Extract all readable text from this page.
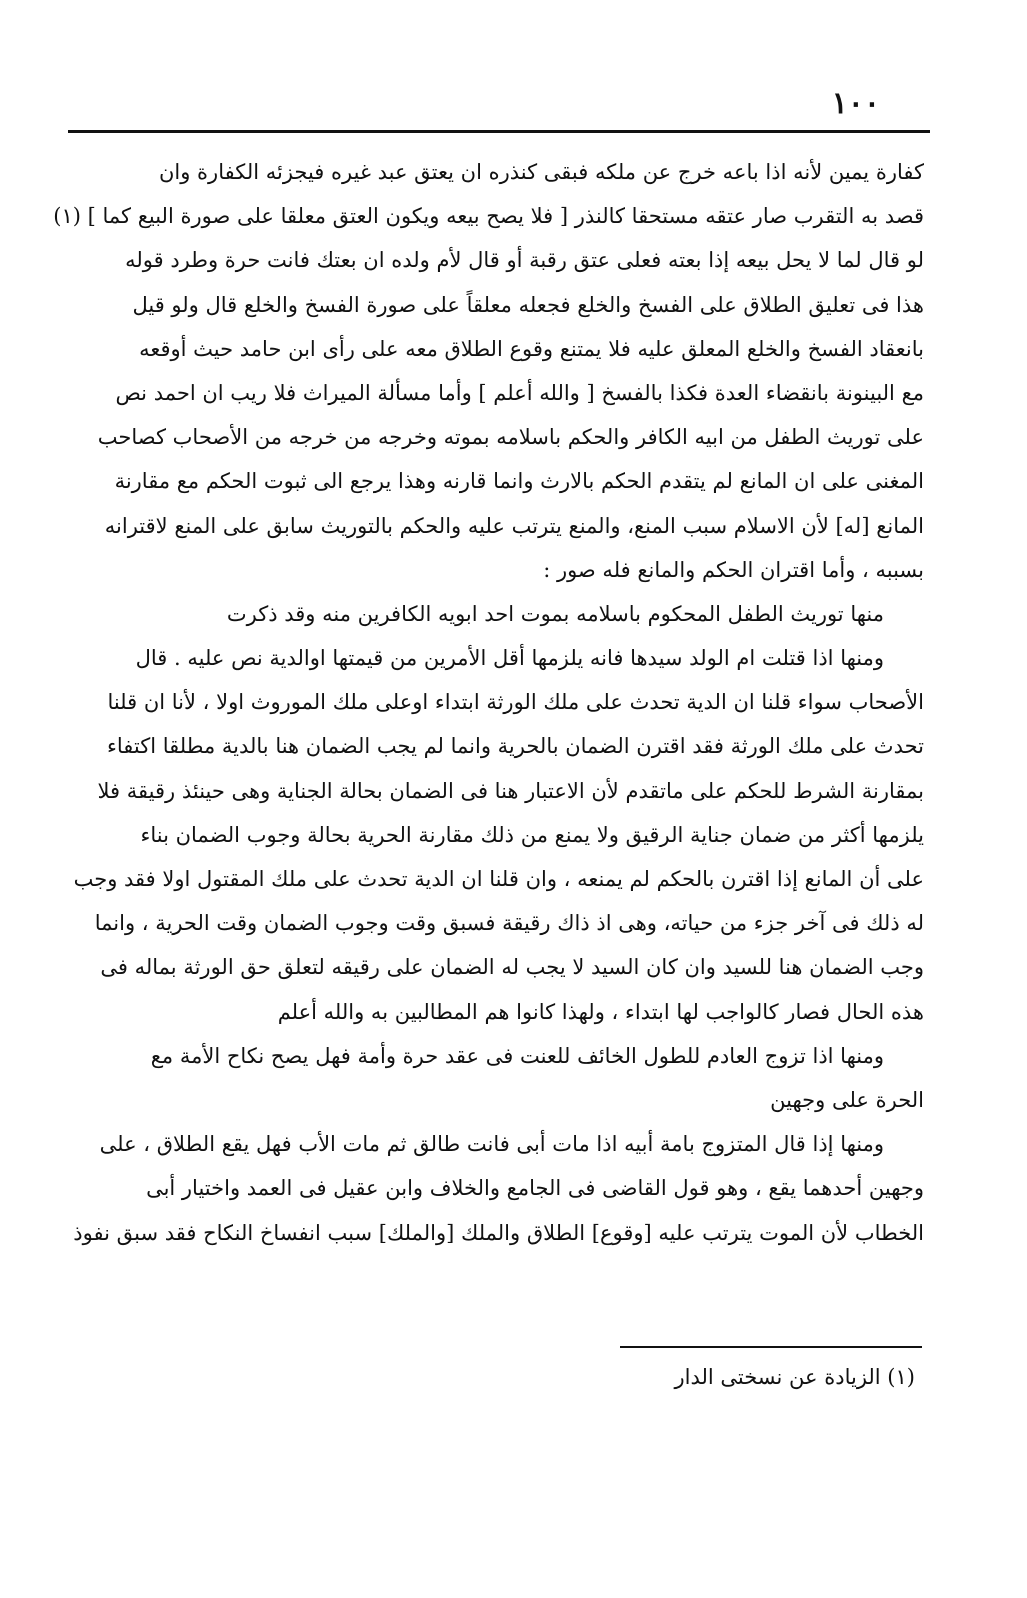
١٠٠
كفارة يمين لأنه اذا باعه خرج عن ملكه فبقى كنذره ان يعتق عبد غيره فيجزئه الكفارة وان
قصد به التقرب صار عتقه مستحقا كالنذر [ فلا يصح بيعه ويكون العتق معلقا على صورة البيع كما ] (١)
لو قال لما لا يحل بيعه إذا بعته فعلى عتق رقبة أو قال لأم ولده ان بعتك فانت حرة وطرد قوله
هذا فى تعليق الطلاق على الفسخ والخلع فجعله معلقاً على صورة الفسخ والخلع قال ولو قيل
بانعقاد الفسخ والخلع المعلق عليه فلا يمتنع وقوع الطلاق معه على رأى ابن حامد حيث أوقعه
مع البينونة بانقضاء العدة فكذا بالفسخ [ والله أعلم ] وأما مسألة الميراث فلا ريب ان احمد نص
على توريث الطفل من ابيه الكافر والحكم باسلامه بموته وخرجه من خرجه من الأصحاب كصاحب
المغنى على ان المانع لم يتقدم الحكم بالارث وانما قارنه وهذا يرجع الى ثبوت الحكم مع مقارنة
المانع [له] لأن الاسلام سبب المنع، والمنع يترتب عليه والحكم بالتوريث سابق على المنع لاقترانه
بسببه ، وأما اقتران الحكم والمانع فله صور :
منها توريث الطفل المحكوم باسلامه بموت احد ابويه الكافرين منه وقد ذكرت
ومنها اذا قتلت ام الولد سيدها فانه يلزمها أقل الأمرين من قيمتها اوالدية نص عليه . قال
الأصحاب سواء قلنا ان الدية تحدث على ملك الورثة ابتداء اوعلى ملك الموروث اولا ، لأنا ان قلنا
تحدث على ملك الورثة فقد اقترن الضمان بالحرية وانما لم يجب الضمان هنا بالدية مطلقا اكتفاء
بمقارنة الشرط للحكم على ماتقدم لأن الاعتبار هنا فى الضمان بحالة الجناية وهى حينئذ رقيقة فلا
يلزمها أكثر من ضمان جناية الرقيق ولا يمنع من ذلك مقارنة الحرية بحالة وجوب الضمان بناء
على أن المانع إذا اقترن بالحكم لم يمنعه ، وان قلنا ان الدية تحدث على ملك المقتول اولا فقد وجب
له ذلك فى آخر جزء من حياته، وهى اذ ذاك رقيقة فسبق وقت وجوب الضمان وقت الحرية ، وانما
وجب الضمان هنا للسيد وان كان السيد لا يجب له الضمان على رقيقه لتعلق حق الورثة بماله فى
هذه الحال فصار كالواجب لها ابتداء ، ولهذا كانوا هم المطالبين به والله أعلم
ومنها اذا تزوج العادم للطول الخائف للعنت فى عقد حرة وأمة فهل يصح نكاح الأمة مع
الحرة على وجهين
ومنها إذا قال المتزوج بامة أبيه اذا مات أبى فانت طالق ثم مات الأب فهل يقع الطلاق ، على
وجهين أحدهما يقع ، وهو قول القاضى فى الجامع والخلاف وابن عقيل فى العمد واختيار أبى
الخطاب لأن الموت يترتب عليه [وقوع] الطلاق والملك [والملك] سبب انفساخ النكاح فقد سبق نفوذ
(١) الزيادة عن نسختى الدار
